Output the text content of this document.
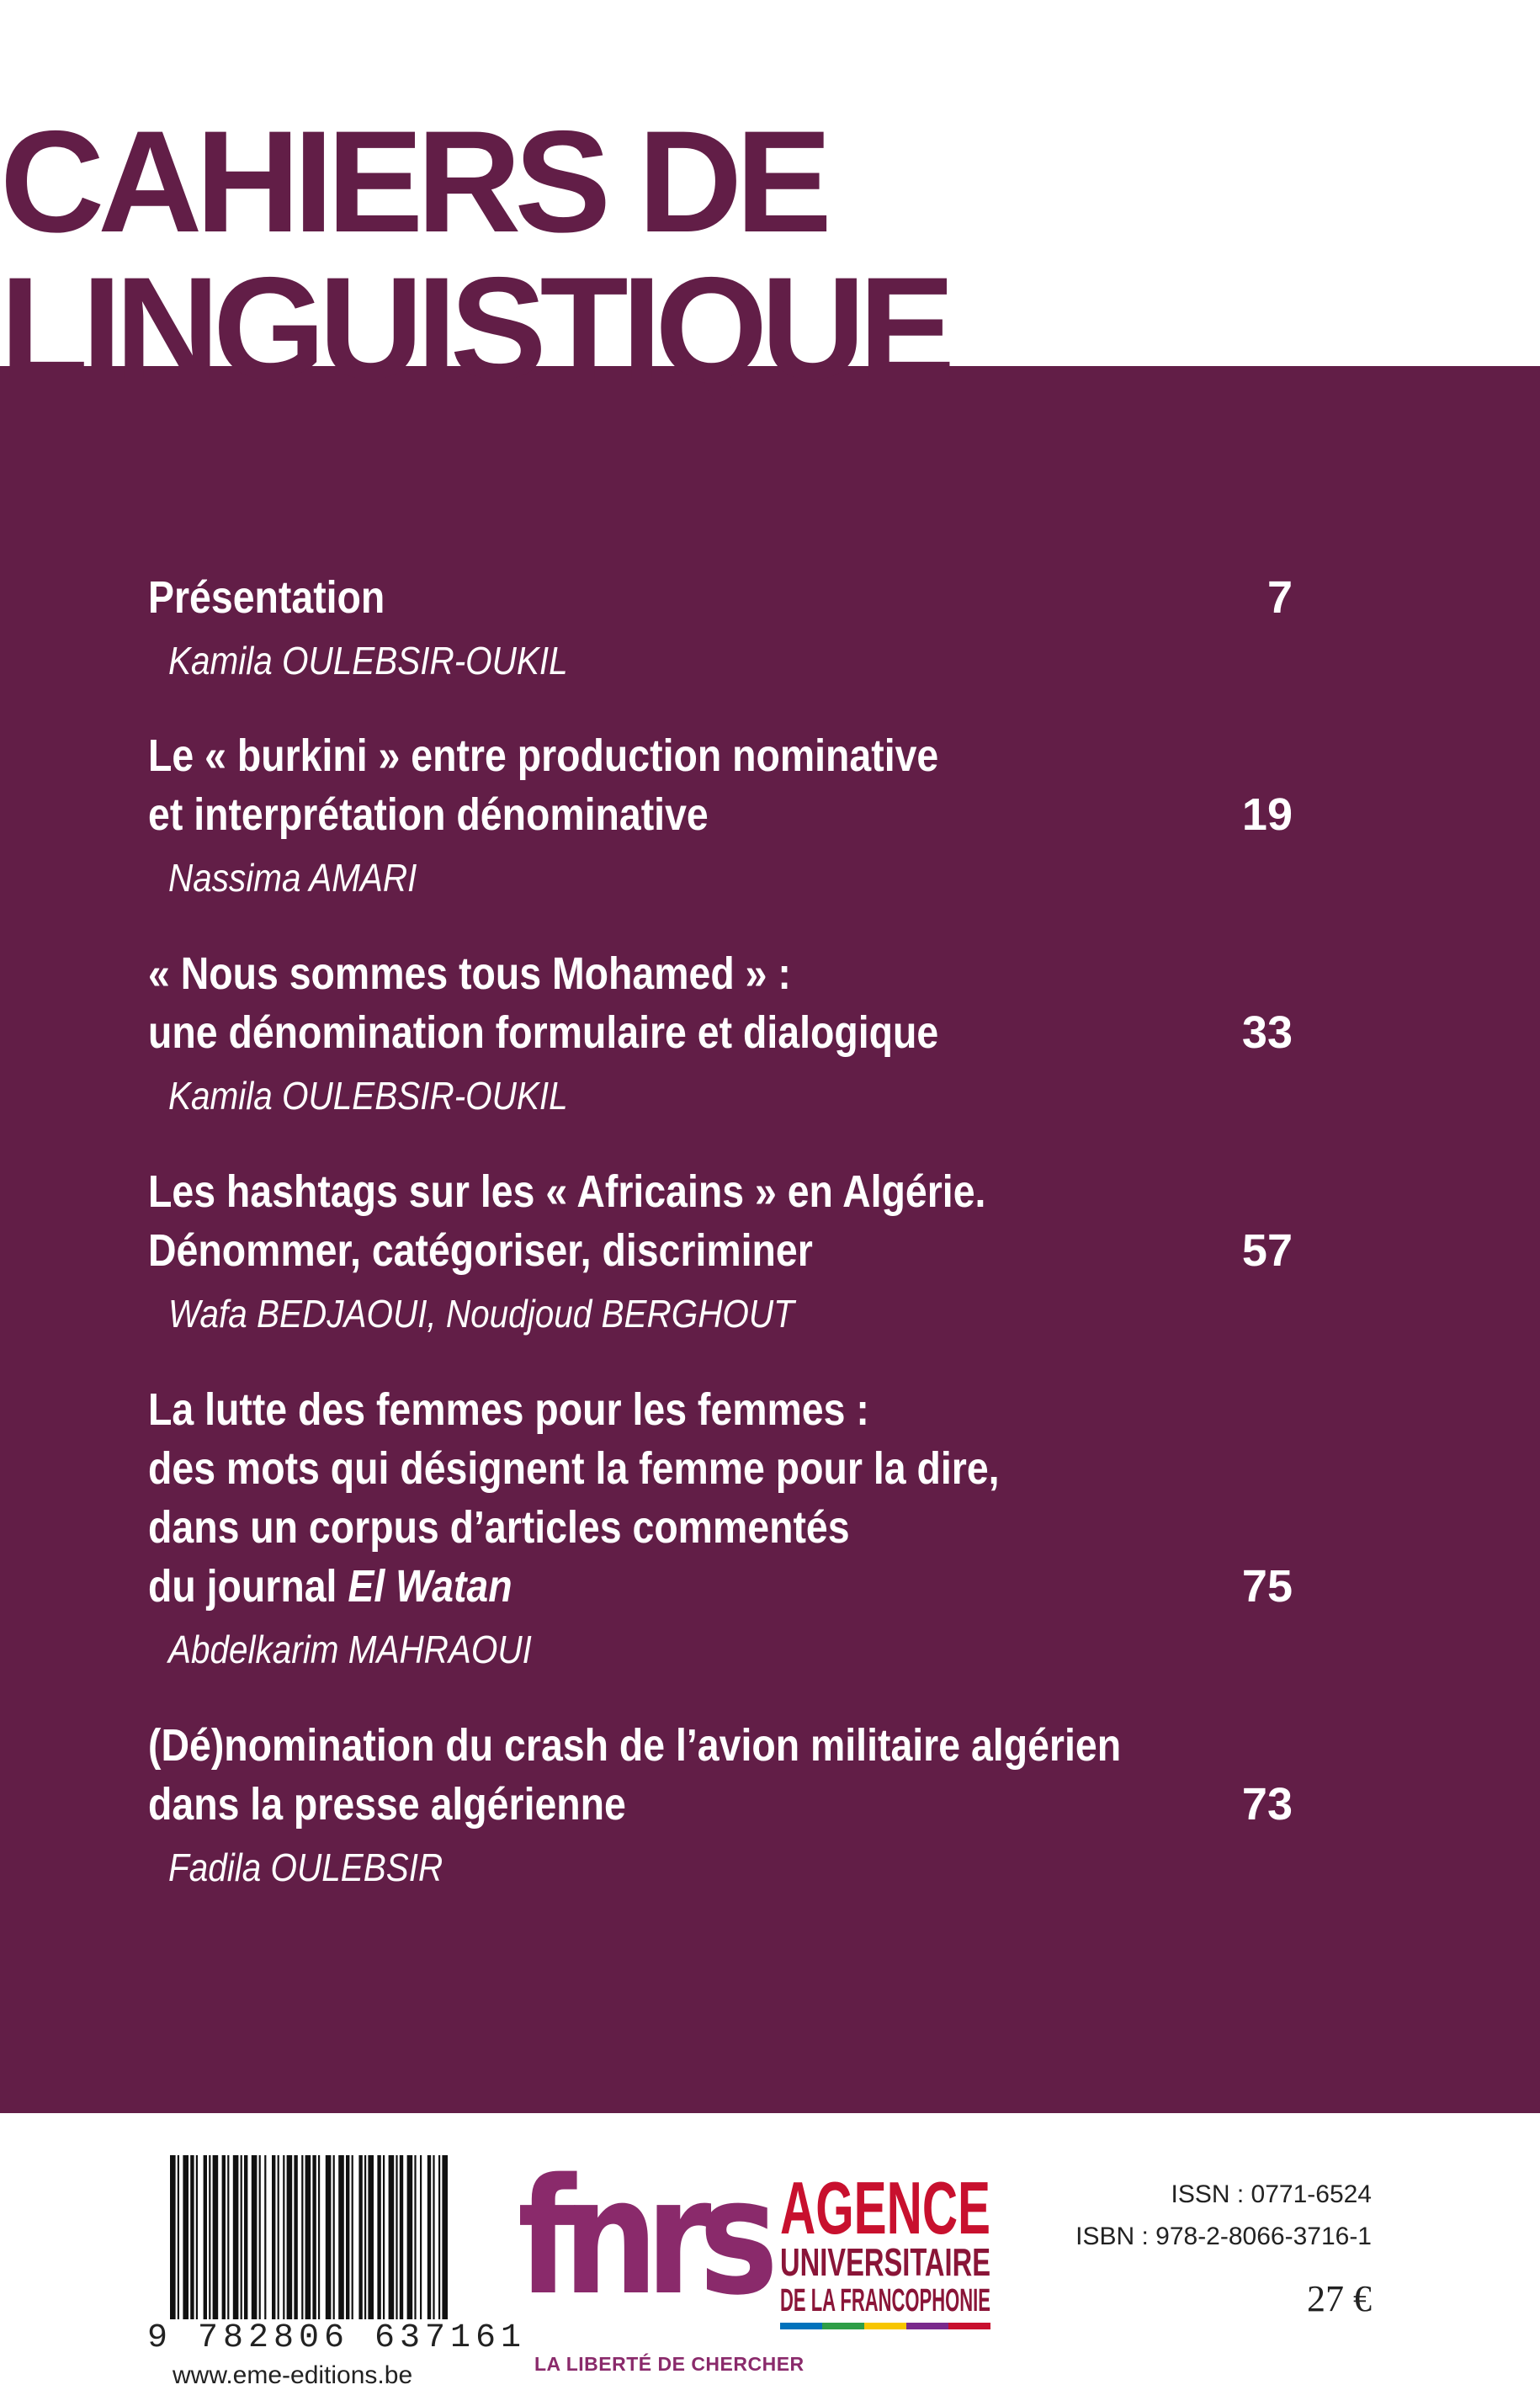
CAHIERS DE
LINGUISTIQUE
Présentation	7
Kamila OULEBSIR-OUKIL
Le « burkini » entre production nominative
et interprétation dénominative	19
Nassima AMARI
« Nous sommes tous Mohamed » :
une dénomination formulaire et dialogique	33
Kamila OULEBSIR-OUKIL
Les hashtags sur les « Africains » en Algérie.
Dénommer, catégoriser, discriminer	57
Wafa BEDJAOUI, Noudjoud BERGHOUT
La lutte des femmes pour les femmes :
des mots qui désignent la femme pour la dire,
dans un corpus d’articles commentés
du journal El Watan	75
Abdelkarim MAHRAOUI
(Dé)nomination du crash de l’avion militaire algérien
dans la presse algérienne	73
Fadila OULEBSIR
9 782806 637161
www.eme-editions.be
fnrs
LA LIBERTÉ DE CHERCHER
AGENCE
UNIVERSITAIRE
DE LA FRANCOPHONIE
ISSN : 0771-6524
ISBN : 978-2-8066-3716-1
27 €
